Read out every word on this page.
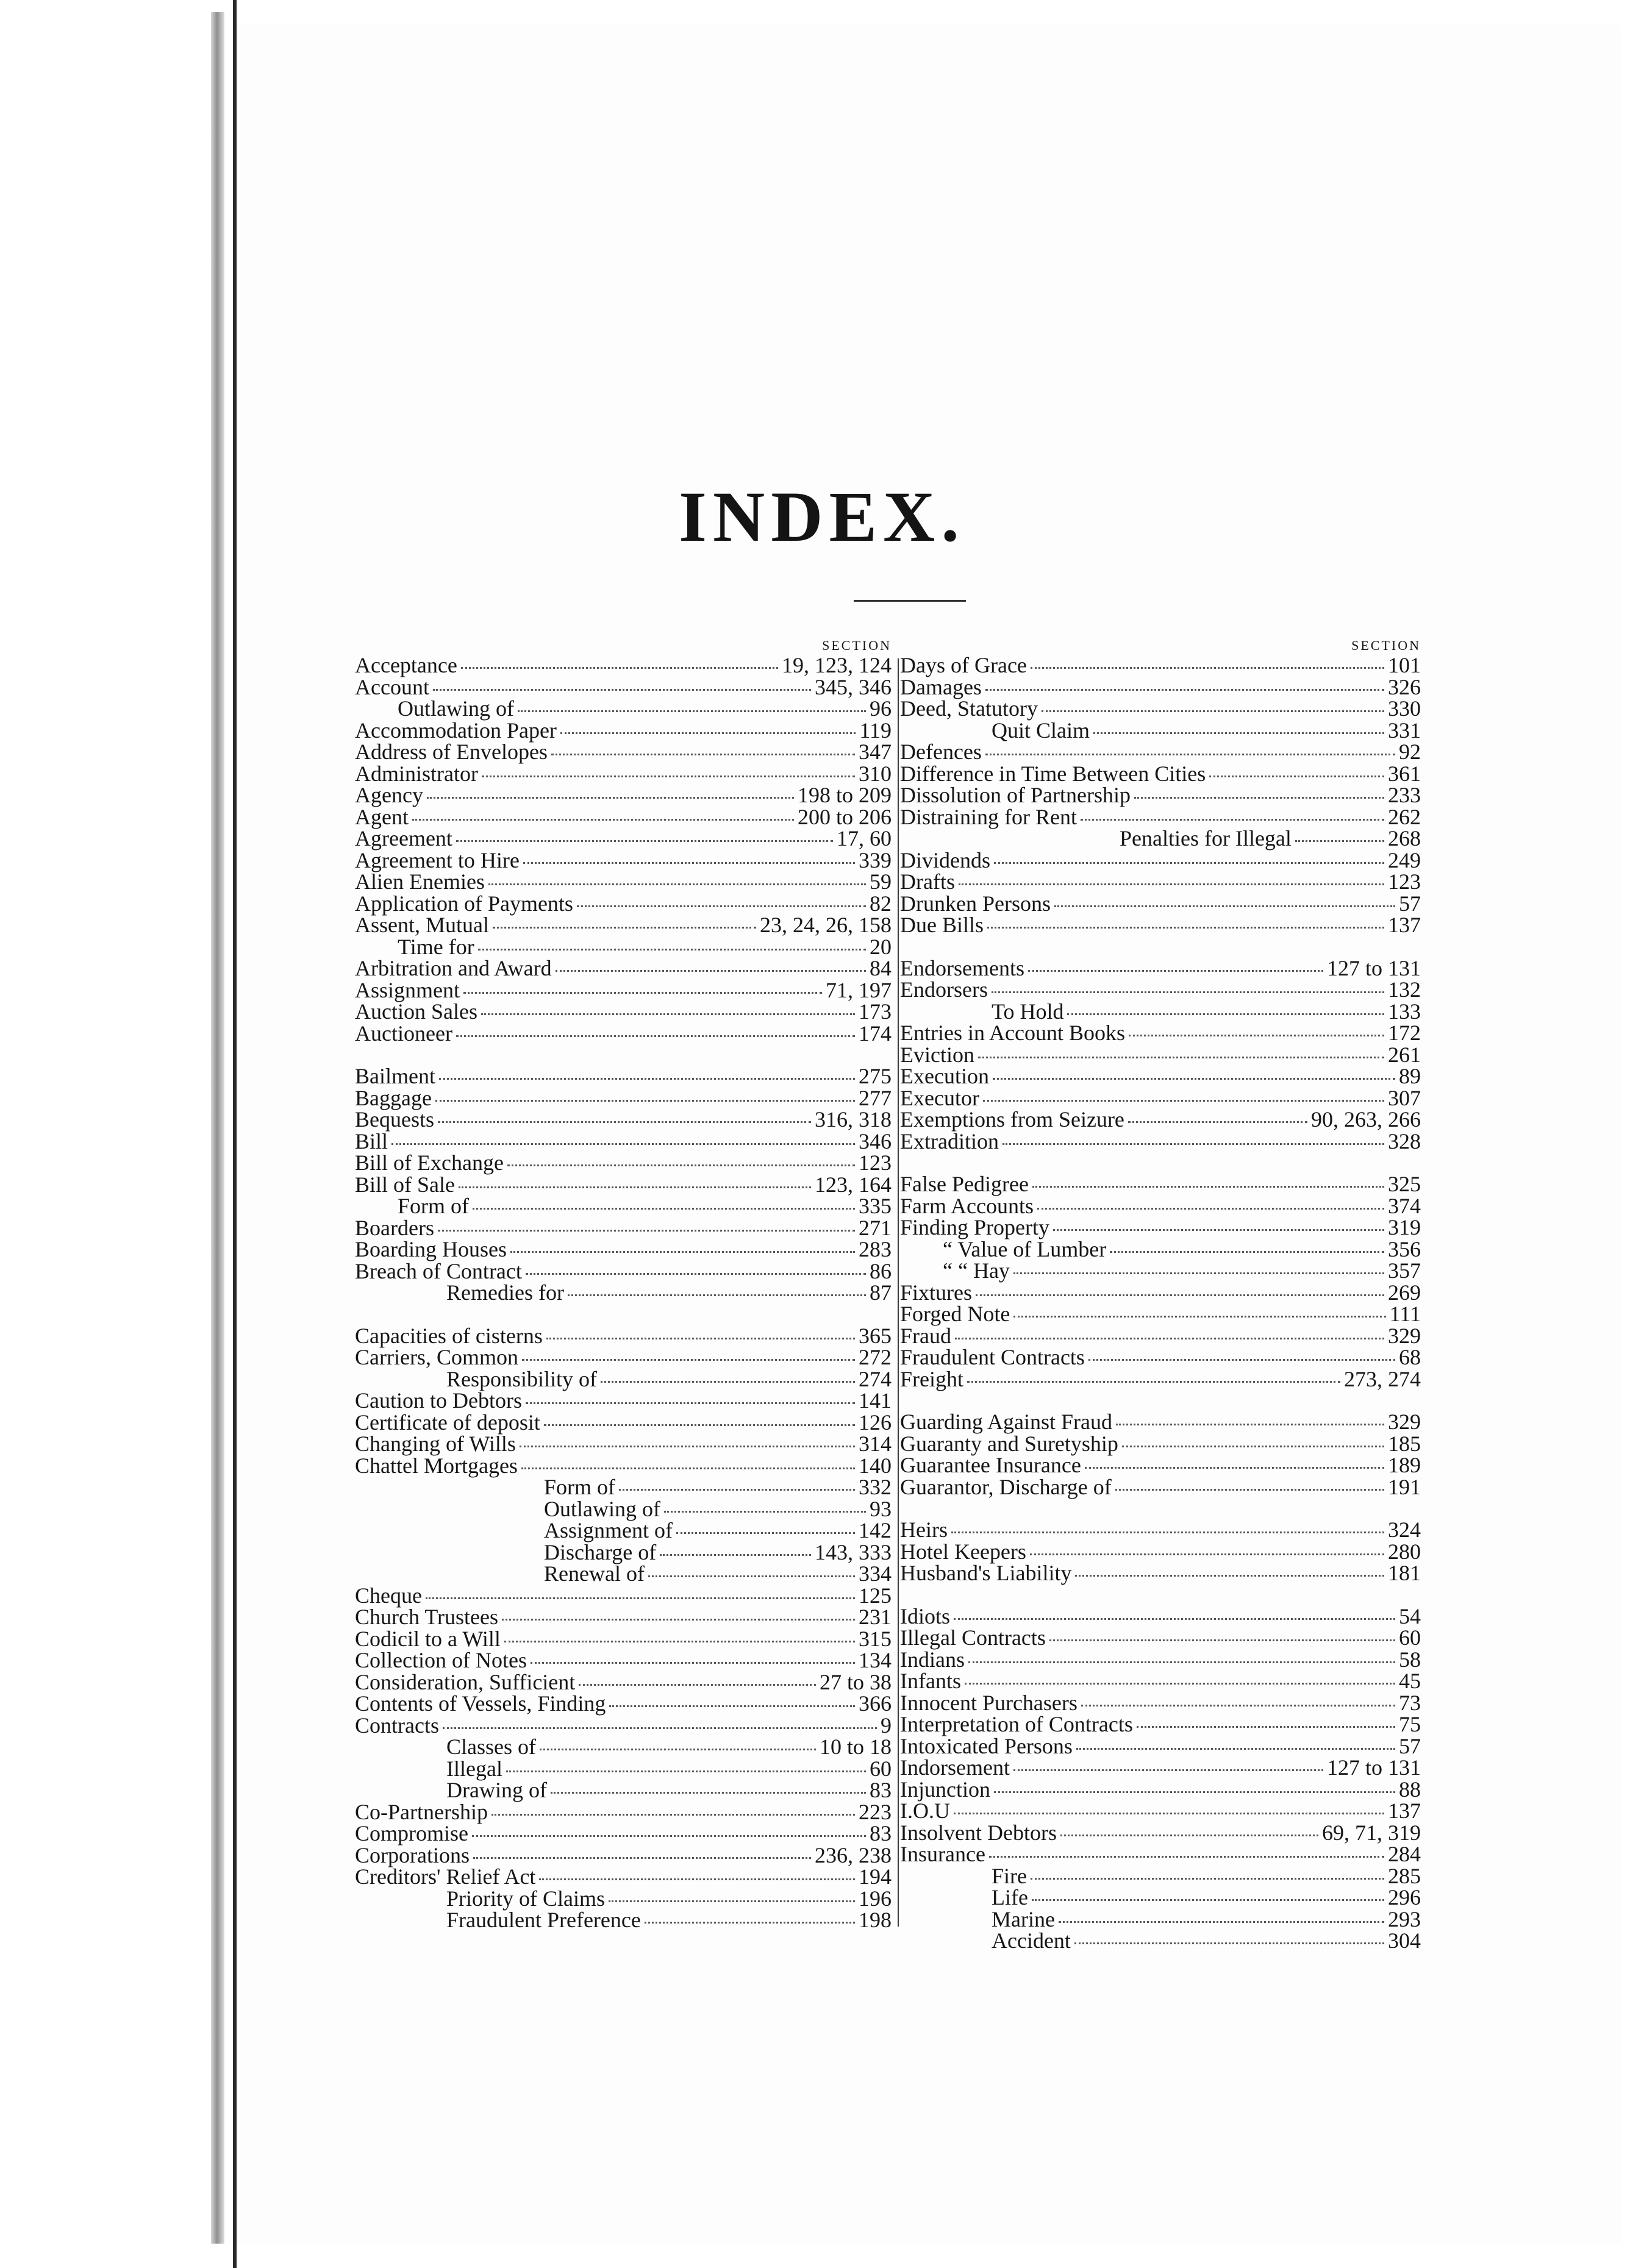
INDEX.
SECTION
Acceptance	19, 123, 124
Account	345, 346
Outlawing of	96
Accommodation Paper	119
Address of Envelopes	347
Administrator	310
Agency	198 to 209
Agent	200 to 206
Agreement	17, 60
Agreement to Hire	339
Alien Enemies	59
Application of Payments	82
Assent, Mutual	23, 24, 26, 158
Time for	20
Arbitration and Award	84
Assignment	71, 197
Auction Sales	173
Auctioneer	174
Bailment	275
Baggage	277
Bequests	316, 318
Bill	346
Bill of Exchange	123
Bill of Sale	123, 164
Form of	335
Boarders	271
Boarding Houses	283
Breach of Contract	86
Remedies for	87
Capacities of cisterns	365
Carriers, Common	272
Responsibility of	274
Caution to Debtors	141
Certificate of deposit	126
Changing of Wills	314
Chattel Mortgages	140
Form of	332
Outlawing of	93
Assignment of	142
Discharge of	143, 333
Renewal of	334
Cheque	125
Church Trustees	231
Codicil to a Will	315
Collection of Notes	134
Consideration, Sufficient	27 to 38
Contents of Vessels, Finding	366
Contracts	9
Classes of	10 to 18
Illegal	60
Drawing of	83
Co-Partnership	223
Compromise	83
Corporations	236, 238
Creditors' Relief Act	194
Priority of Claims	196
Fraudulent Preference	198
SECTION
Days of Grace	101
Damages	326
Deed, Statutory	330
Quit Claim	331
Defences	92
Difference in Time Between Cities	361
Dissolution of Partnership	233
Distraining for Rent	262
Penalties for Illegal	268
Dividends	249
Drafts	123
Drunken Persons	57
Due Bills	137
Endorsements	127 to 131
Endorsers	132
To Hold	133
Entries in Account Books	172
Eviction	261
Execution	89
Executor	307
Exemptions from Seizure	90, 263, 266
Extradition	328
False Pedigree	325
Farm Accounts	374
Finding Property	319
“ Value of Lumber	356
“ “ Hay	357
Fixtures	269
Forged Note	111
Fraud	329
Fraudulent Contracts	68
Freight	273, 274
Guarding Against Fraud	329
Guaranty and Suretyship	185
Guarantee Insurance	189
Guarantor, Discharge of	191
Heirs	324
Hotel Keepers	280
Husband's Liability	181
Idiots	54
Illegal Contracts	60
Indians	58
Infants	45
Innocent Purchasers	73
Interpretation of Contracts	75
Intoxicated Persons	57
Indorsement	127 to 131
Injunction	88
I.O.U	137
Insolvent Debtors	69, 71, 319
Insurance	284
Fire	285
Life	296
Marine	293
Accident	304
